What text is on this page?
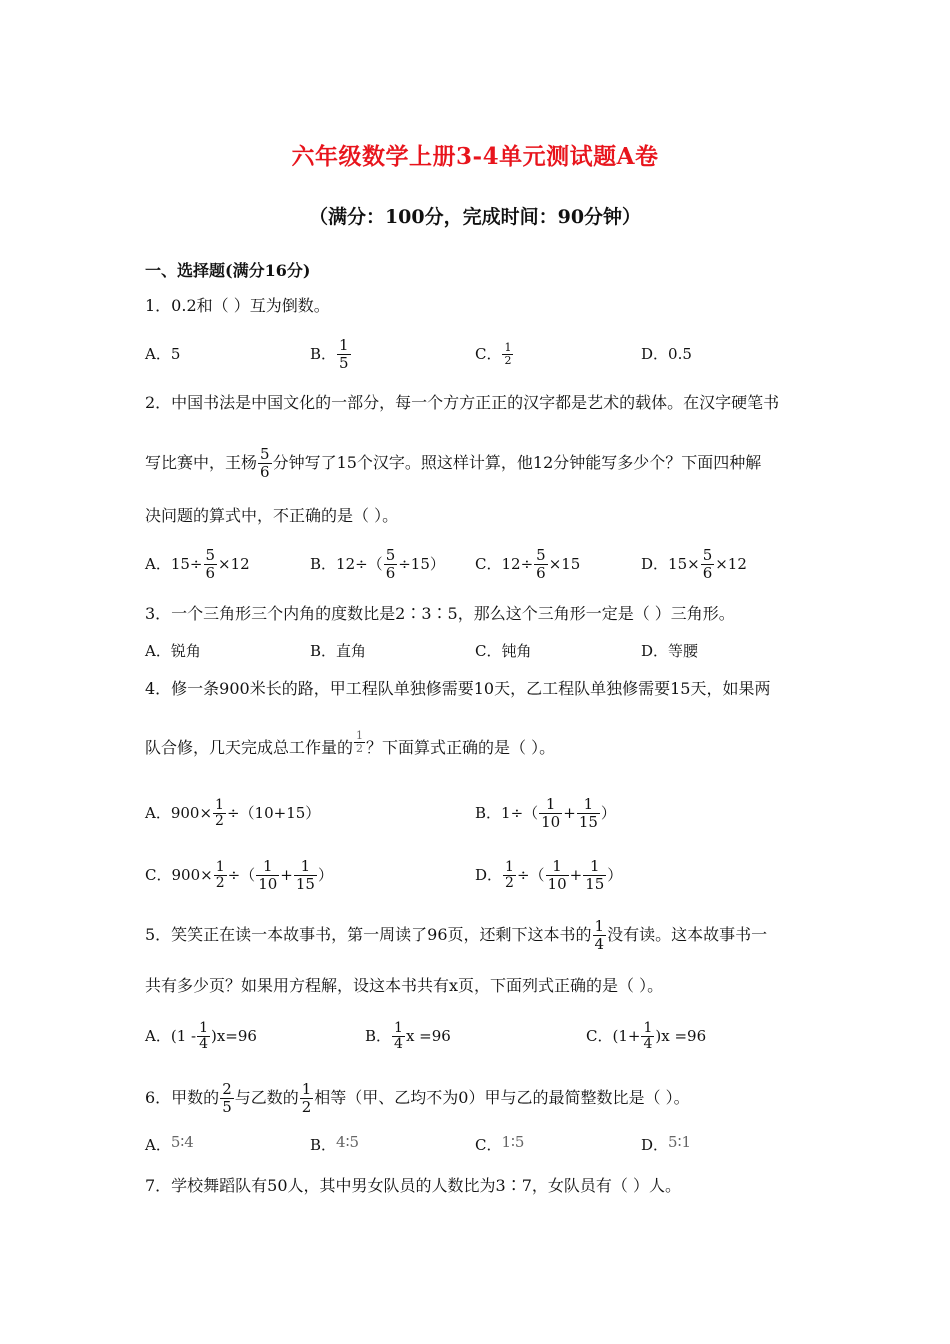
六年级数学上册3-4单元测试题A卷
（满分：100分，完成时间：90分钟）
一、选择题(满分16分)
1．0.2和（ ）互为倒数。
A．5	B． $\frac{1}{5}$	C． $\frac{1}{2}$	D．0.5
2．中国书法是中国文化的一部分，每一个方方正正的汉字都是艺术的载体。在汉字硬笔书
写比赛中，王杨 $\frac{5}{6}$ 分钟写了15个汉字。照这样计算，他12分钟能写多少个？下面四种解
决问题的算式中，不正确的是（ ）。
A．$15\div \frac{5}{6} \times 12$	B．$12\div( \frac{5}{6} \div 15)$ C．$12\div \frac{5}{6} \times 15$	D．$15\times \frac{5}{6} \times 12$
3．一个三角形三个内角的度数比是2∶3∶5，那么这个三角形一定是（ ）三角形。
A．锐角	B．直角	C．钝角	D．等腰
4．修一条900米长的路，甲工程队单独修需要10天，乙工程队单独修需要15天，如果两
队合修，几天完成总工作量的 $\frac{1}{2}$ ？下面算式正确的是（ ）。
A．$900\times \frac{1}{2} \div(10+15)$	B．$1\div( \frac{1}{10} + \frac{1}{15}$ ）
C．$900\times \frac{1}{2}$ ÷（ $\frac{1}{10} + \frac{1}{15}$ ）	D． $\frac{1}{2}$ ÷（ $\frac{1}{10} + \frac{1}{15}$ ）
5．笑笑正在读一本故事书，第一周读了96页，还剩下这本书的 $\frac{1}{4}$ 没有读。这本故事书一
共有多少页？如果用方程解，设这本书共有x页，下面列式正确的是（ ）。
A． $(1 - \frac{1}{4} )x=96$	B． $\frac{1}{4}$ x =96	C． ($1+ \frac{1}{4}$ ) x =96
6．甲数的 $\frac{2}{5}$ 与乙数的 $\frac{1}{2}$ 相等（甲、乙均不为0）甲与乙的最简整数比是（ ）。
A． 5∶4	B． 4∶5	C． 1∶5	D． 5∶1
7．学校舞蹈队有50人，其中男女队员的人数比为3∶7，女队员有（ ）人。
